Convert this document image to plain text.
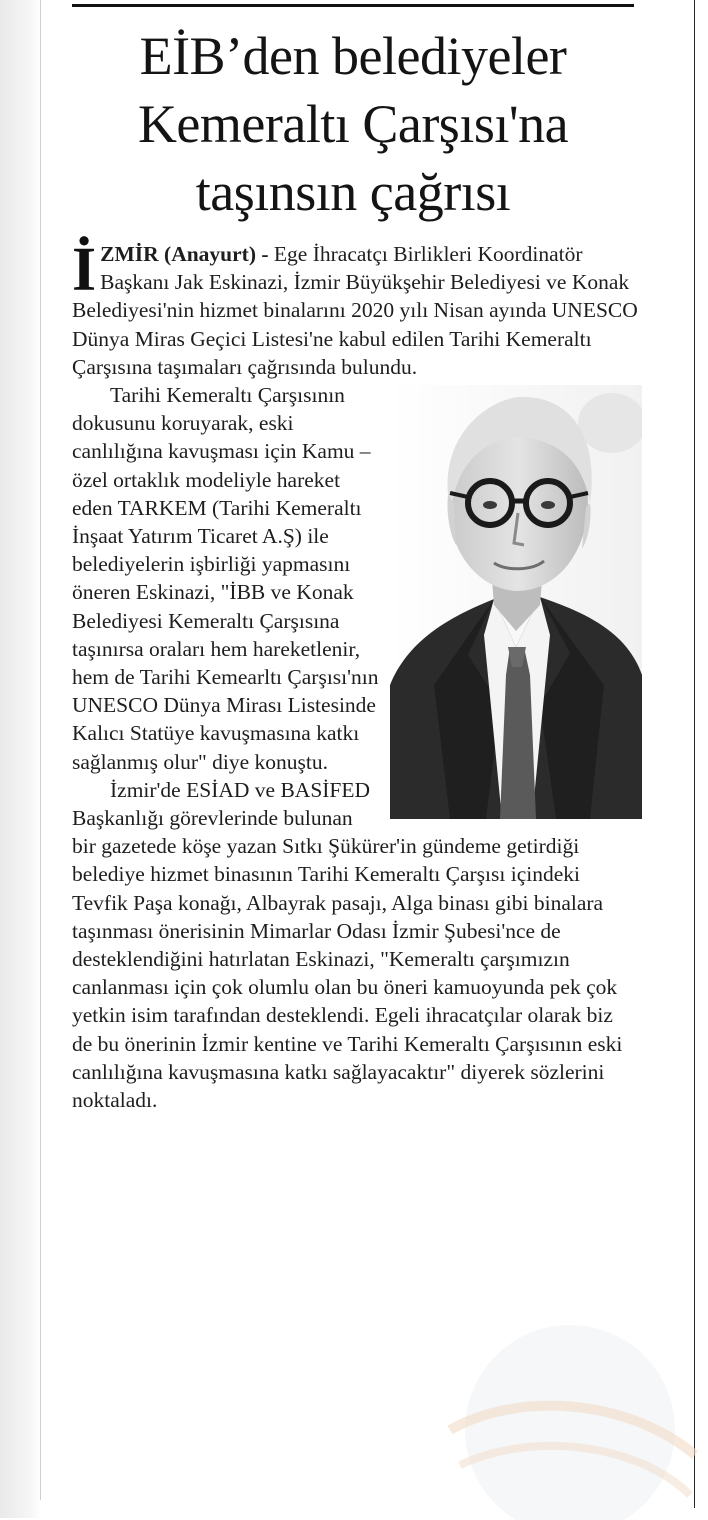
EİB’den belediyeler Kemeraltı Çarşısı'na taşınsın çağrısı

İZMİR (Anayurt) - Ege İhracatçı Birlikleri Koordinatör Başkanı Jak Eskinazi, İzmir Büyükşehir Belediyesi ve Konak Belediyesi'nin hizmet binalarını 2020 yılı Nisan ayında UNESCO Dünya Miras Geçici Listesi'ne kabul edilen Tarihi Kemeraltı Çarşısına taşımaları çağrısında bulundu.

Tarihi Kemeraltı Çarşısının dokusunu koruyarak, eski canlılığına kavuşması için Kamu – özel ortaklık modeliyle hareket eden TARKEM (Tarihi Kemeraltı İnşaat Yatırım Ticaret A.Ş) ile belediyelerin işbirliği yapmasını öneren Eskinazi, "İBB ve Konak Belediyesi Kemeraltı Çarşısına taşınırsa oraları hem hareketlenir, hem de Tarihi Kemearltı Çarşısı'nın UNESCO Dünya Mirası Listesinde Kalıcı Statüye kavuşmasına katkı sağlanmış olur" diye konuştu.

İzmir'de ESİAD ve BASİFED Başkanlığı görevlerinde bulunan bir gazetede köşe yazan Sıtkı Şükürer'in gündeme getirdiği belediye hizmet binasının Tarihi Kemeraltı Çarşısı içindeki Tevfik Paşa konağı, Albayrak pasajı, Alga binası gibi binalara taşınması önerisinin Mimarlar Odası İzmir Şubesi'nce de desteklendiğini hatırlatan Eskinazi, "Kemeraltı çarşımızın canlanması için çok olumlu olan bu öneri kamuoyunda pek çok yetkin isim tarafından desteklendi. Egeli ihracatçılar olarak biz de bu önerinin İzmir kentine ve Tarihi Kemeraltı Çarşısının eski canlılığına kavuşmasına katkı sağlayacaktır" diyerek sözlerini noktaladı.
